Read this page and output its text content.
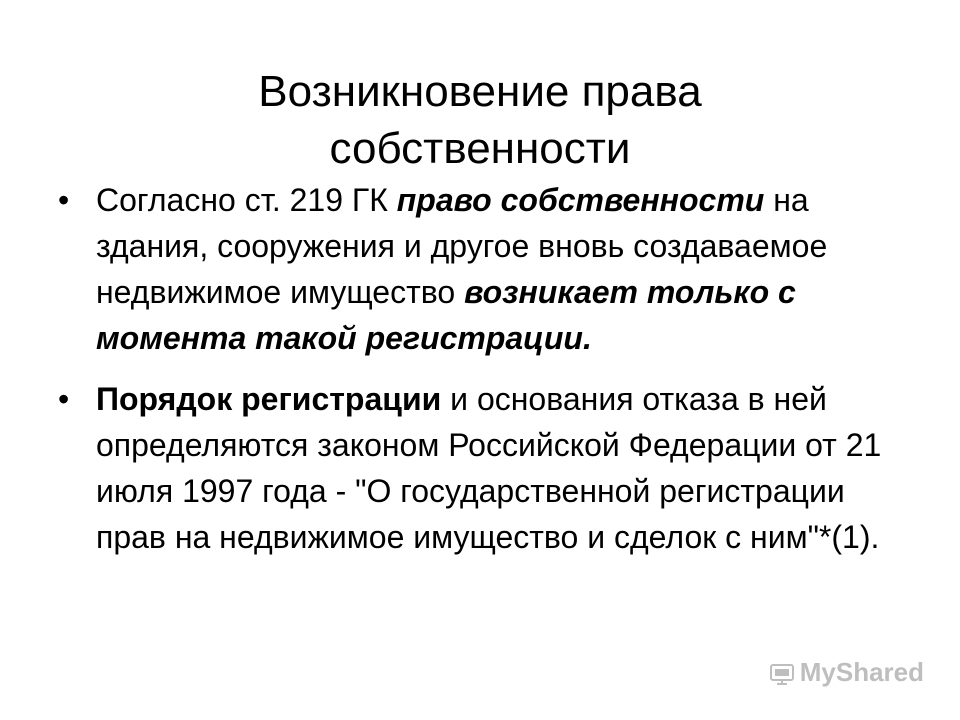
Возникновение права
собственности
• Согласно ст. 219 ГК право собственности на здания, сооружения и другое вновь создаваемое недвижимое имущество возникает только с момента такой регистрации.
• Порядок регистрации и основания отказа в ней определяются законом Российской Федерации от 21 июля 1997 года - "О государственной регистрации прав на недвижимое имущество и сделок с ним"*(1).
MyShared
